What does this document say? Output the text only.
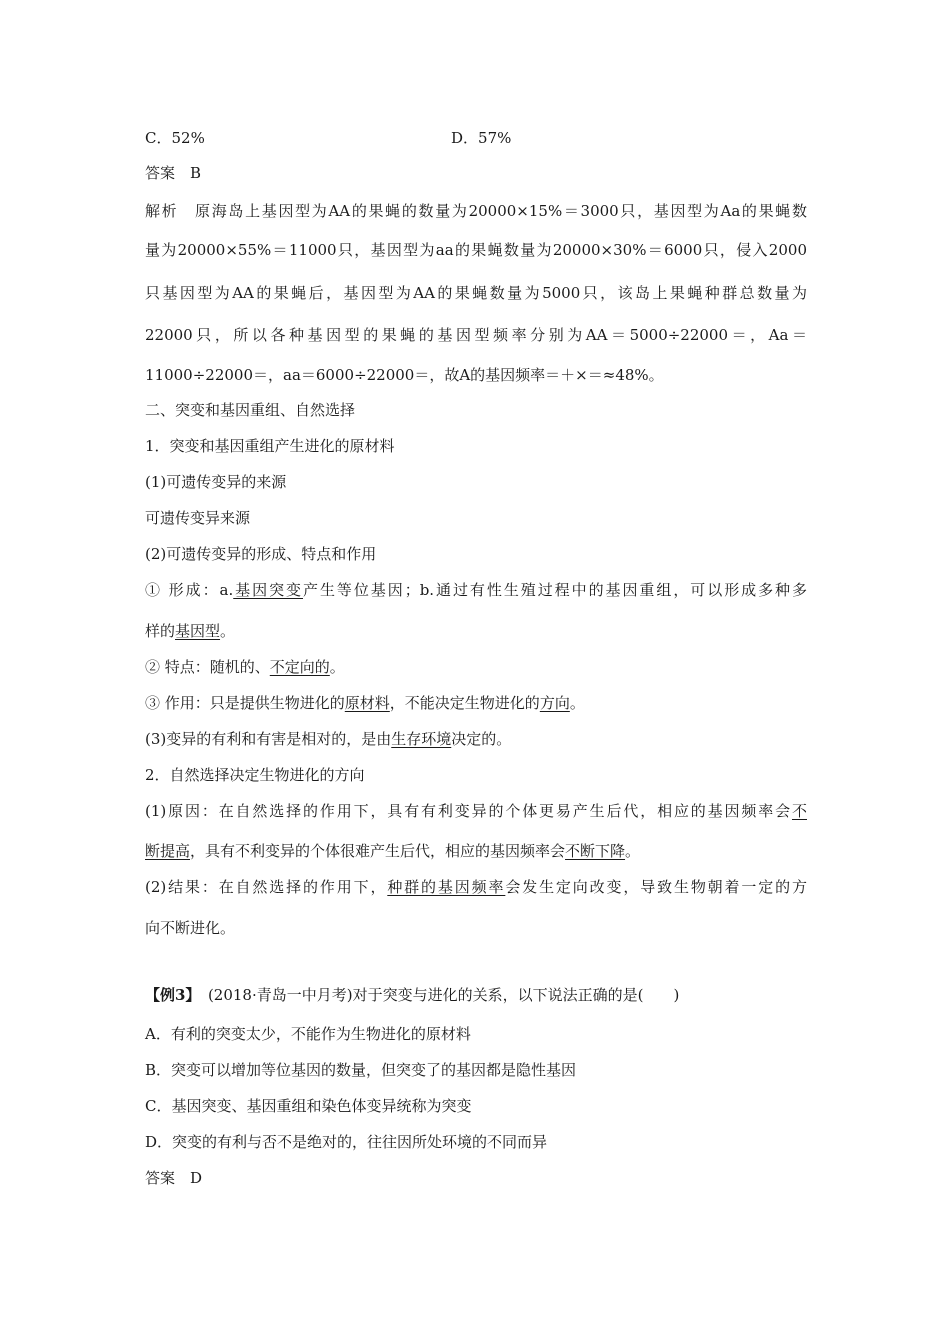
C．52%	D．57%
答案　B
解析　 原海岛上基因型为AA的果蝇的数量为20000×15%＝3000只，基因型为Aa的果蝇数
量为20000×55%＝11000只，基因型为aa的果蝇数量为20000×30%＝6000只，侵入2000
只基因型为AA的果蝇后，基因型为AA的果蝇数量为5000只，该岛上果蝇种群总数量为
22000只，所以各种基因型的果蝇的基因型频率分别为AA＝5000÷22000＝，Aa＝
11000÷22000＝，aa＝6000÷22000＝，故A的基因频率＝＋×＝≈48%。
二、突变和基因重组、自然选择
1．突变和基因重组产生进化的原材料
(1)可遗传变异的来源
可遗传变异来源
(2)可遗传变异的形成、特点和作用
① 形成：a.基因突变产生等位基因；b.通过有性生殖过程中的基因重组，可以形成多种多
样的基因型。
② 特点：随机的、不定向的。
③ 作用：只是提供生物进化的原材料，不能决定生物进化的方向。
(3)变异的有利和有害是相对的，是由生存环境决定的。
2．自然选择决定生物进化的方向
(1)原因：在自然选择的作用下，具有有利变异的个体更易产生后代，相应的基因频率会不
断提高，具有不利变异的个体很难产生后代，相应的基因频率会不断下降。
(2)结果：在自然选择的作用下，种群的基因频率会发生定向改变，导致生物朝着一定的方
向不断进化。
【例3】　 (2018·青岛一中月考)对于突变与进化的关系，以下说法正确的是(　　)
A．有利的突变太少，不能作为生物进化的原材料
B．突变可以增加等位基因的数量，但突变了的基因都是隐性基因
C．基因突变、基因重组和染色体变异统称为突变
D．突变的有利与否不是绝对的，往往因所处环境的不同而异
答案　D
